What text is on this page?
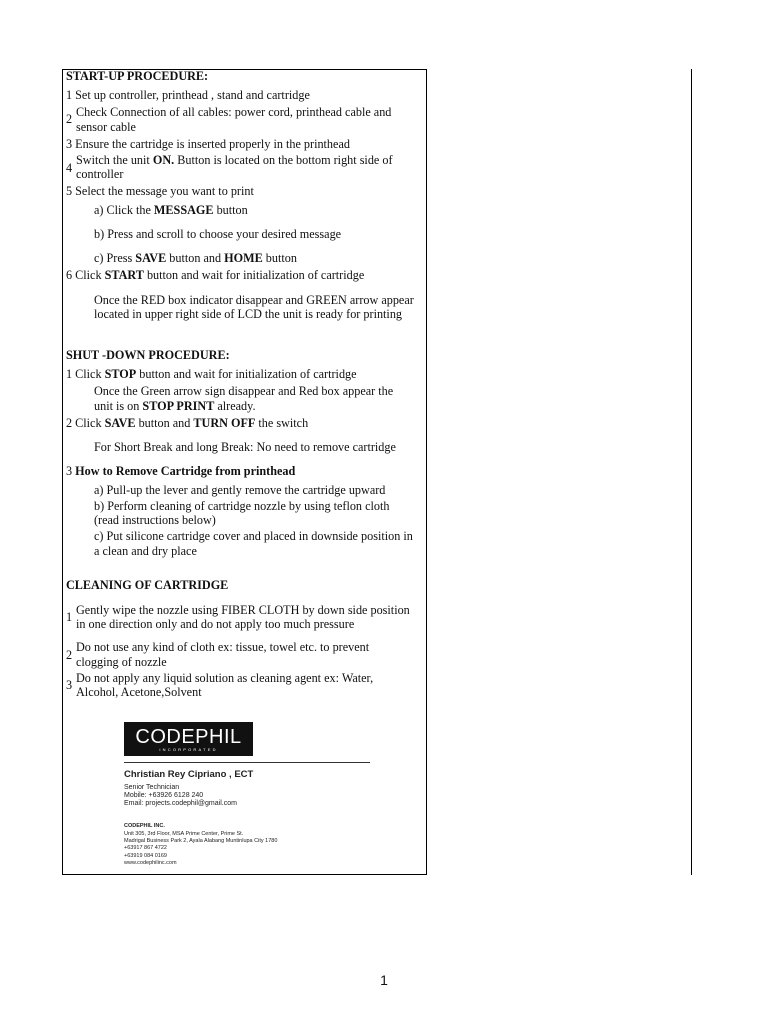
START-UP PROCEDURE:
1 Set up controller, printhead , stand and cartridge
2 Check Connection of all cables: power cord, printhead cable and
sensor cable
3 Ensure the cartridge is inserted properly in the printhead
4
Switch the unit ON. Button is located on the bottom right side of
controller
5 Select the message you want to print
a) Click the MESSAGE button
b) Press and scroll to choose your desired message
c) Press SAVE button and HOME button
6 Click START button and wait for initialization of cartridge
Once the RED box indicator disappear and GREEN arrow appear
located in upper right side of LCD the unit is ready for printing
SHUT -DOWN PROCEDURE:
1 Click STOP button and wait for initialization of cartridge
Once the Green arrow sign disappear and Red box appear the
unit is on STOP PRINT already.
2 Click SAVE button and TURN OFF the switch
For Short Break and long Break: No need to remove cartridge
3 How to Remove Cartridge from printhead
a) Pull-up the lever and gently remove the cartridge upward
b) Perform cleaning of cartridge nozzle by using teflon cloth
(read instructions below)
c) Put silicone cartridge cover and placed in downside position in
a clean and dry place
CLEANING OF CARTRIDGE
1 Gently wipe the nozzle using FIBER CLOTH by down side position
in one direction only and do not apply too much pressure
2
Do not use any kind of cloth ex: tissue, towel etc. to prevent
clogging of nozzle
3 Do not apply any liquid solution as cleaning agent ex: Water,
Alcohol, Acetone,Solvent
CODEPHIL
INCORPORATED
Christian Rey Cipriano , ECT
Senior Technician
Mobile: +63926 6128 240
Email: projects.codephil@gmail.com
CODEPHIL INC.
Unit 305, 3rd Floor, MSA Prime Center, Prime St.
Madrigal Business Park 2, Ayala Alabang Muntinlupa City 1780
+63917 867 4722
+63919 084 0169
www.codephilinc.com
1
